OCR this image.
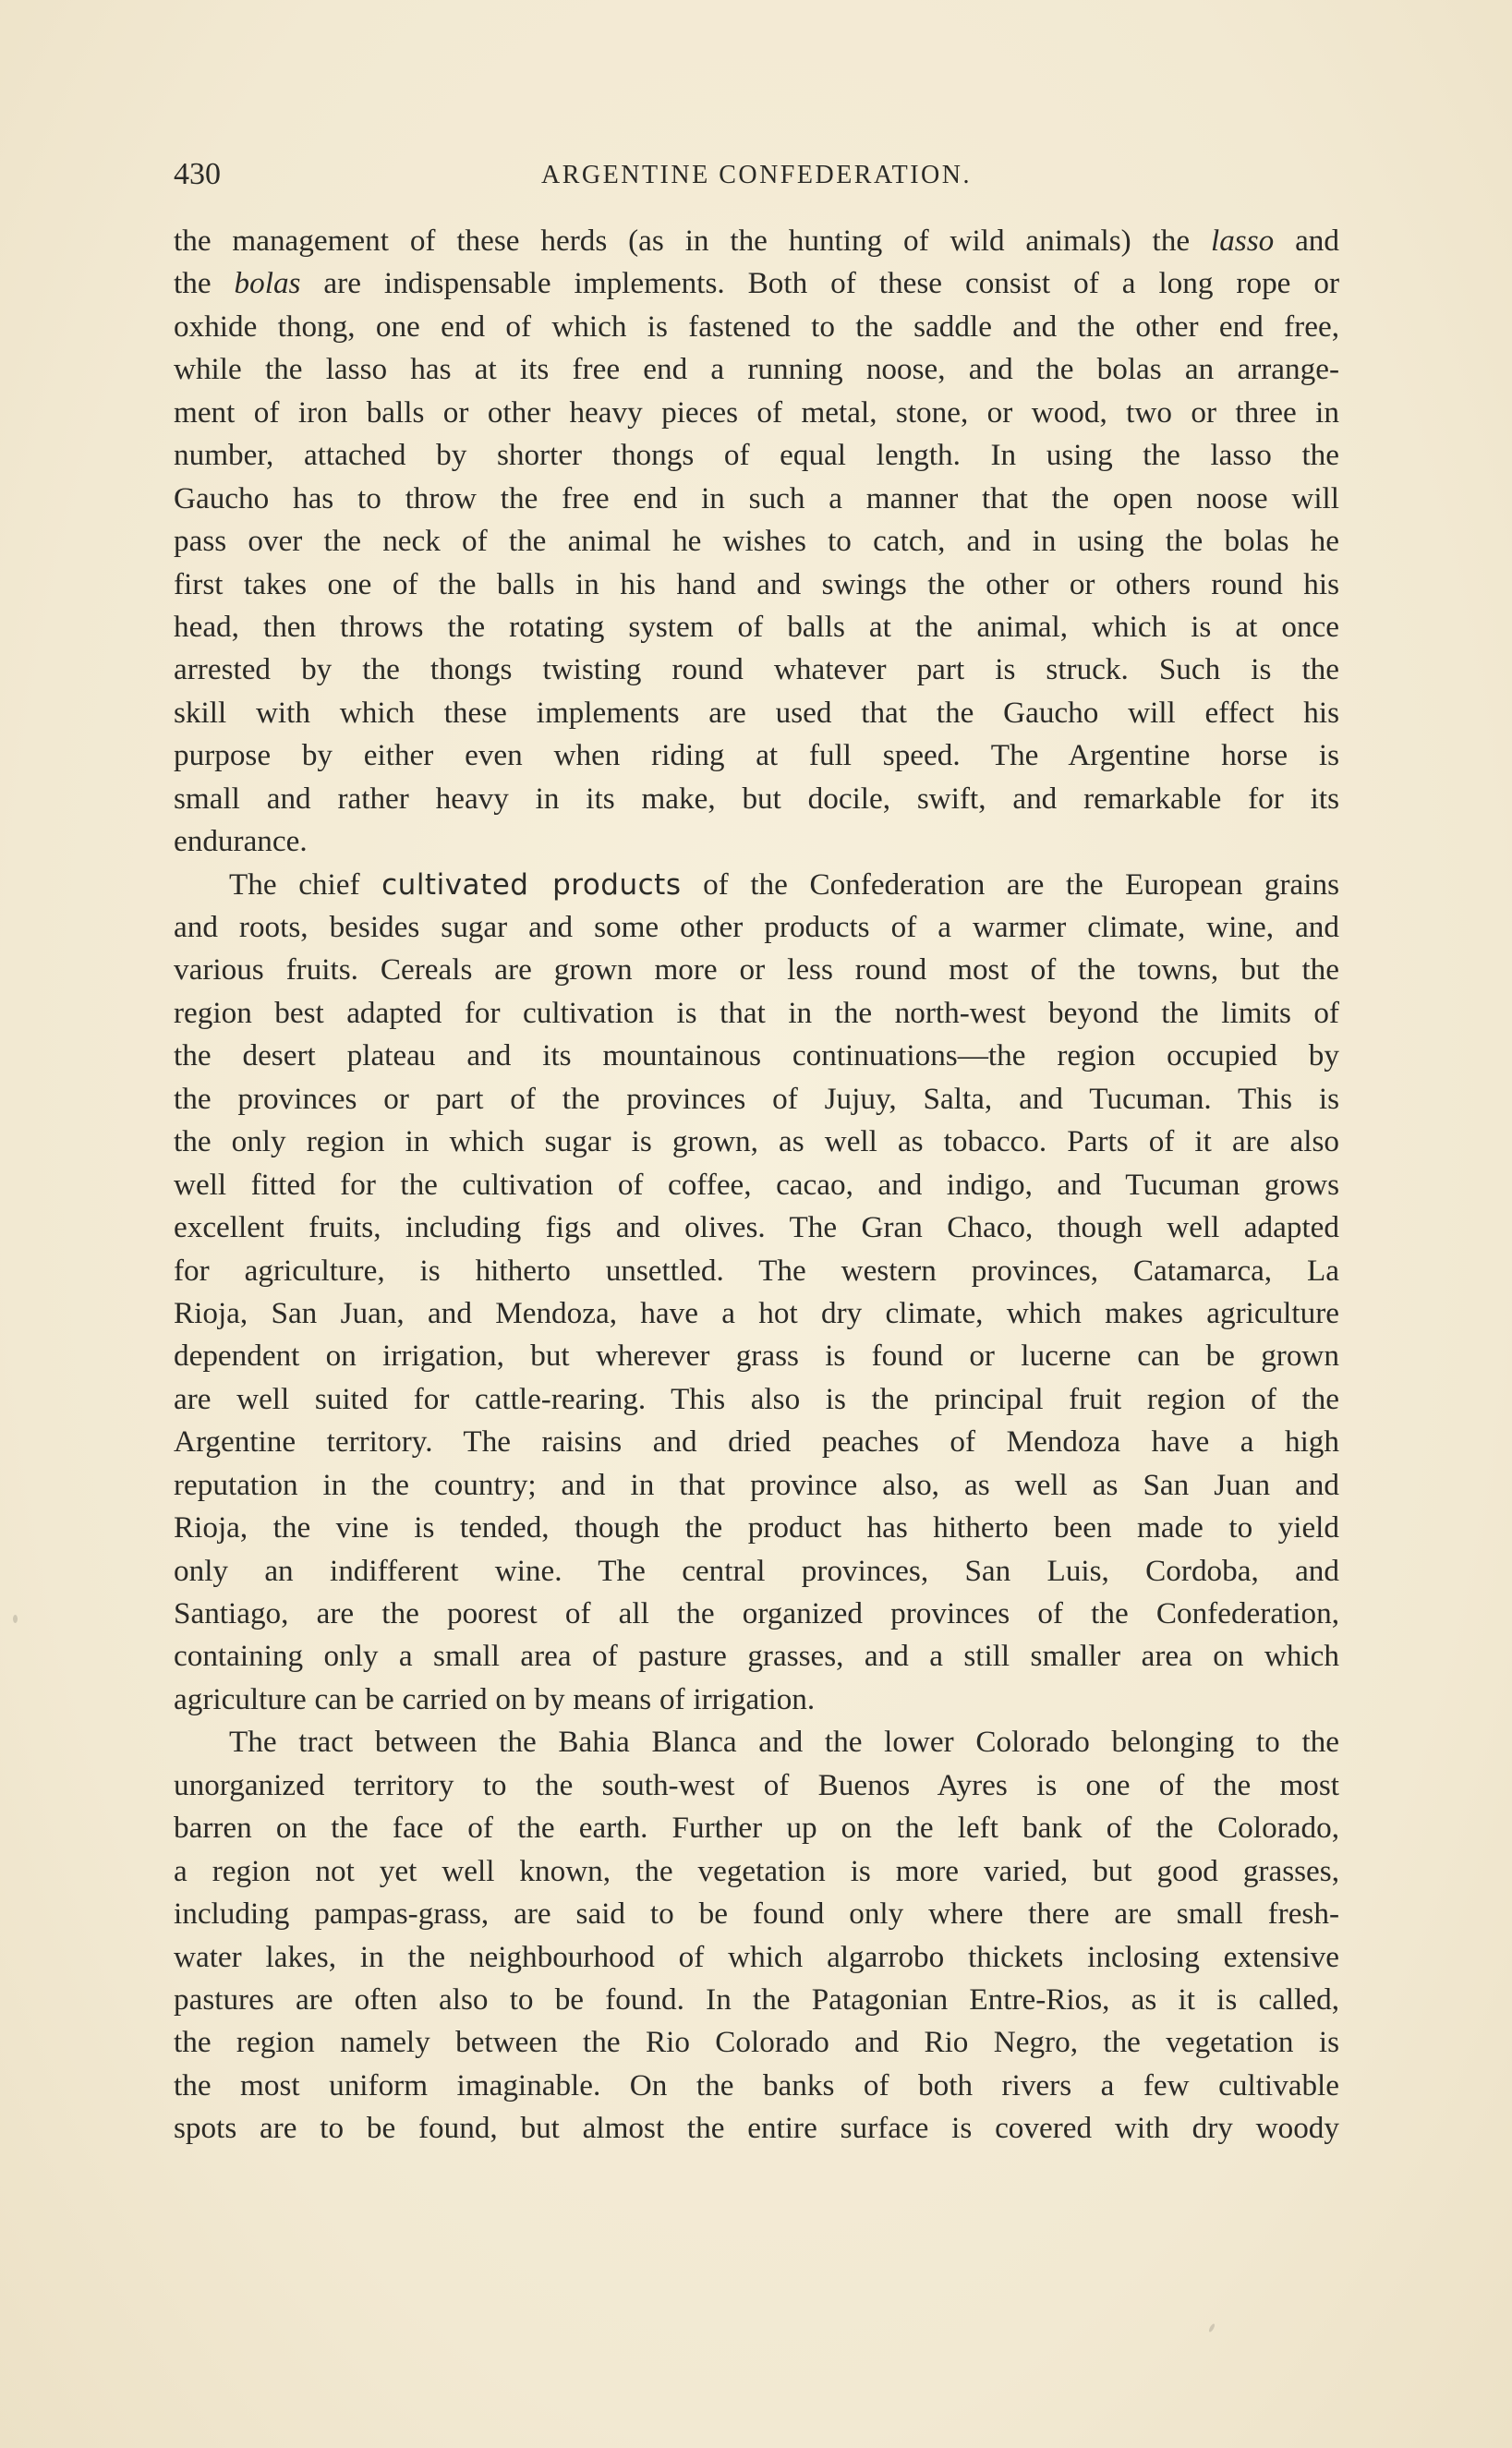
430	ARGENTINE CONFEDERATION.
the management of these herds (as in the hunting of wild animals) the lasso and
the bolas are indispensable implements. Both of these consist of a long rope or
oxhide thong, one end of which is fastened to the saddle and the other end free,
while the lasso has at its free end a running noose, and the bolas an arrange-
ment of iron balls or other heavy pieces of metal, stone, or wood, two or three in
number, attached by shorter thongs of equal length. In using the lasso the
Gaucho has to throw the free end in such a manner that the open noose will
pass over the neck of the animal he wishes to catch, and in using the bolas he
first takes one of the balls in his hand and swings the other or others round his
head, then throws the rotating system of balls at the animal, which is at once
arrested by the thongs twisting round whatever part is struck. Such is the
skill with which these implements are used that the Gaucho will effect his
purpose by either even when riding at full speed. The Argentine horse is
small and rather heavy in its make, but docile, swift, and remarkable for its
endurance.
The chief cultivated products of the Confederation are the European grains
and roots, besides sugar and some other products of a warmer climate, wine, and
various fruits. Cereals are grown more or less round most of the towns, but the
region best adapted for cultivation is that in the north-west beyond the limits of
the desert plateau and its mountainous continuations—the region occupied by
the provinces or part of the provinces of Jujuy, Salta, and Tucuman. This is
the only region in which sugar is grown, as well as tobacco. Parts of it are also
well fitted for the cultivation of coffee, cacao, and indigo, and Tucuman grows
excellent fruits, including figs and olives. The Gran Chaco, though well adapted
for agriculture, is hitherto unsettled. The western provinces, Catamarca, La
Rioja, San Juan, and Mendoza, have a hot dry climate, which makes agriculture
dependent on irrigation, but wherever grass is found or lucerne can be grown
are well suited for cattle-rearing. This also is the principal fruit region of the
Argentine territory. The raisins and dried peaches of Mendoza have a high
reputation in the country; and in that province also, as well as San Juan and
Rioja, the vine is tended, though the product has hitherto been made to yield
only an indifferent wine. The central provinces, San Luis, Cordoba, and
Santiago, are the poorest of all the organized provinces of the Confederation,
containing only a small area of pasture grasses, and a still smaller area on which
agriculture can be carried on by means of irrigation.
The tract between the Bahia Blanca and the lower Colorado belonging to the
unorganized territory to the south-west of Buenos Ayres is one of the most
barren on the face of the earth. Further up on the left bank of the Colorado,
a region not yet well known, the vegetation is more varied, but good grasses,
including pampas-grass, are said to be found only where there are small fresh-
water lakes, in the neighbourhood of which algarrobo thickets inclosing extensive
pastures are often also to be found. In the Patagonian Entre-Rios, as it is called,
the region namely between the Rio Colorado and Rio Negro, the vegetation is
the most uniform imaginable. On the banks of both rivers a few cultivable
spots are to be found, but almost the entire surface is covered with dry woody
